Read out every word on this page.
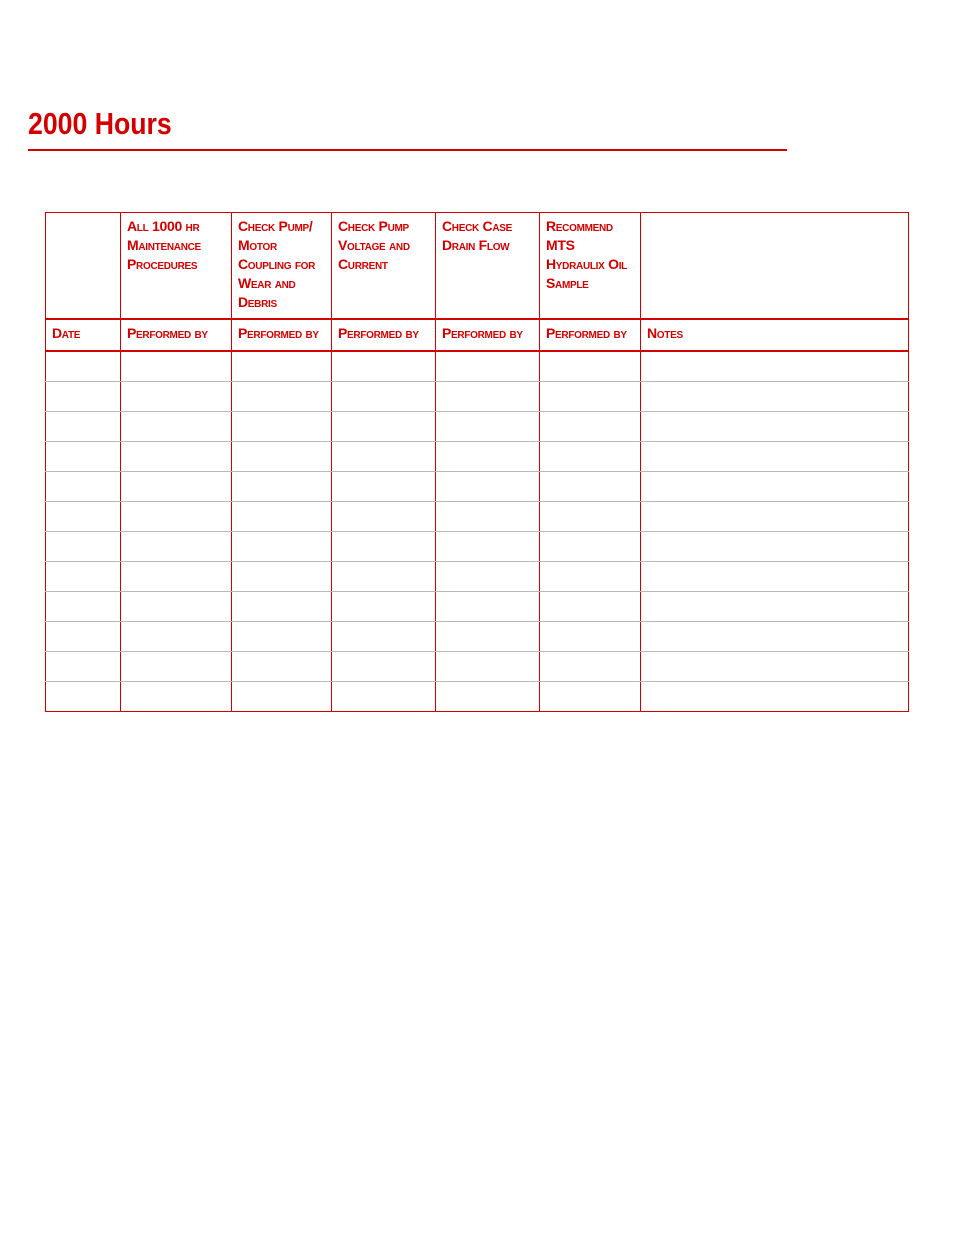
2000 Hours
	All 1000 hr Maintenance Procedures	Check Pump/ Motor Coupling for Wear and Debris	Check Pump Voltage and Current	Check Case Drain Flow	Recommend MTS Hydraulix Oil Sample	
Date	Performed by	Performed by	Performed by	Performed by	Performed by	Notes
